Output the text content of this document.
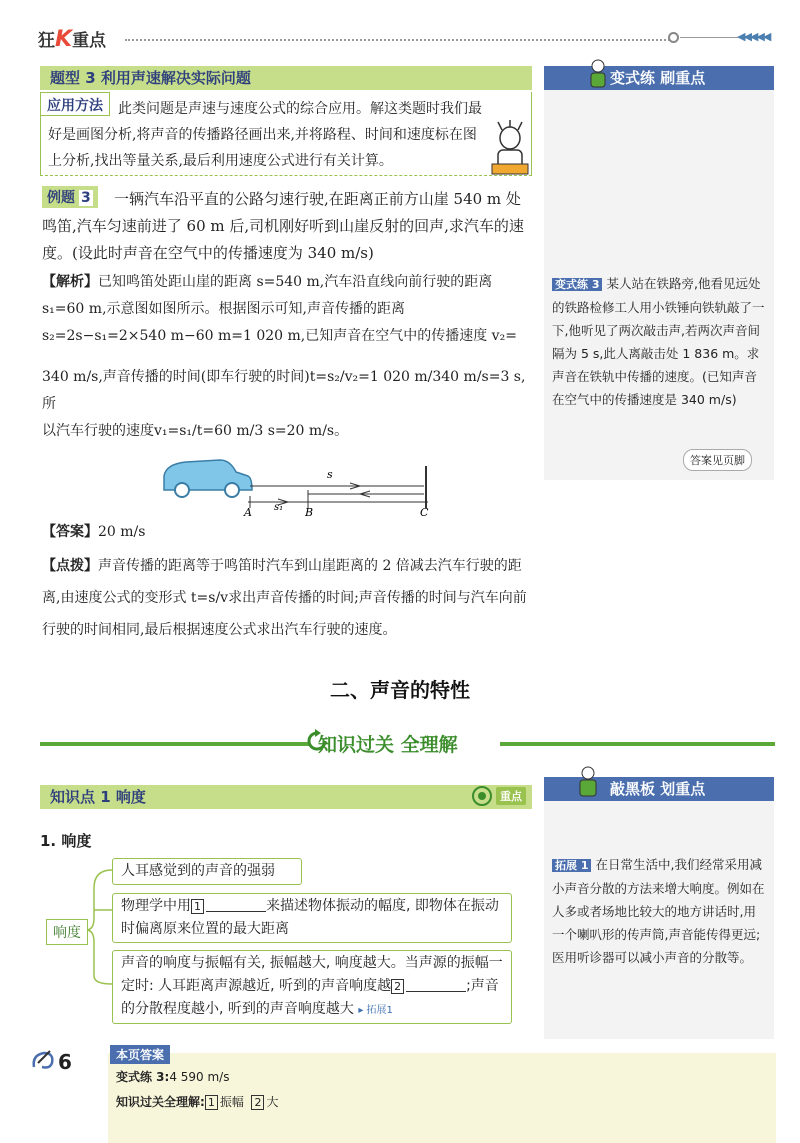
狂K重点	◀◀◀◀◀
题型 3 利用声速解决实际问题
此类问题是声速与速度公式的综合应用。解这类题时我们最好是画图分析,将声音的传播路径画出来,并将路程、时间和速度标在图上分析,找出等量关系,最后利用速度公式进行有关计算。
应用方法
一辆汽车沿平直的公路匀速行驶,在距离正前方山崖 540 m 处鸣笛,汽车匀速前进了 60 m 后,司机刚好听到山崖反射的回声,求汽车的速度。(设此时声音在空气中的传播速度为 340 m/s)
例题 3
【解析】已知鸣笛处距山崖的距离 s=540 m,汽车沿直线向前行驶的距离s₁=60 m,示意图如图所示。根据图示可知,声音传播的距离 s₂=2s−s₁=2×540 m−60 m=1 020 m,已知声音在空气中的传播速度 v₂=
340 m/s,声音传播的时间(即车行驶的时间)t=s₂/v₂=1 020 m/340 m/s=3 s,所
以汽车行驶的速度v₁=s₁/t=60 m/3 s=20 m/s。
s
s₁
A	B	C
【答案】20 m/s
【点拨】声音传播的距离等于鸣笛时汽车到山崖距离的 2 倍减去汽车行驶的距离,由速度公式的变形式 t=s/v求出声音传播的时间;声音传播的时间与汽车向前行驶的时间相同,最后根据速度公式求出汽车行驶的速度。
二、声音的特性
知识过关 全理解
知识点 1 响度	重点
1. 响度
响度
人耳感觉到的声音的强弱
物理学中用 1	来描述物体振动的幅度, 即物体在振动时偏离原来位置的最大距离
声音的响度与振幅有关, 振幅越大, 响度越大。当声源的振幅一定时: 人耳距离声源越近, 听到的声音响度越 2	;声音的分散程度越小, 听到的声音响度越大 ▸ 拓展1
变式练 刷重点
变式练 3 某人站在铁路旁,他看见远处的铁路检修工人用小铁锤向铁轨敲了一下,他听见了两次敲击声,若两次声音间隔为 5 s,此人离敲击处 1 836 m。求声音在铁轨中传播的速度。(已知声音在空气中的传播速度是 340 m/s)
答案见页脚
敲黑板 划重点
拓展 1 在日常生活中,我们经常采用减小声音分散的方法来增大响度。例如在人多或者场地比较大的地方讲话时,用一个喇叭形的传声筒,声音能传得更远;医用听诊器可以减小声音的分散等。
6	本页答案
变式练 3:4 590 m/s
知识过关全理解: 1 振幅 2 大
